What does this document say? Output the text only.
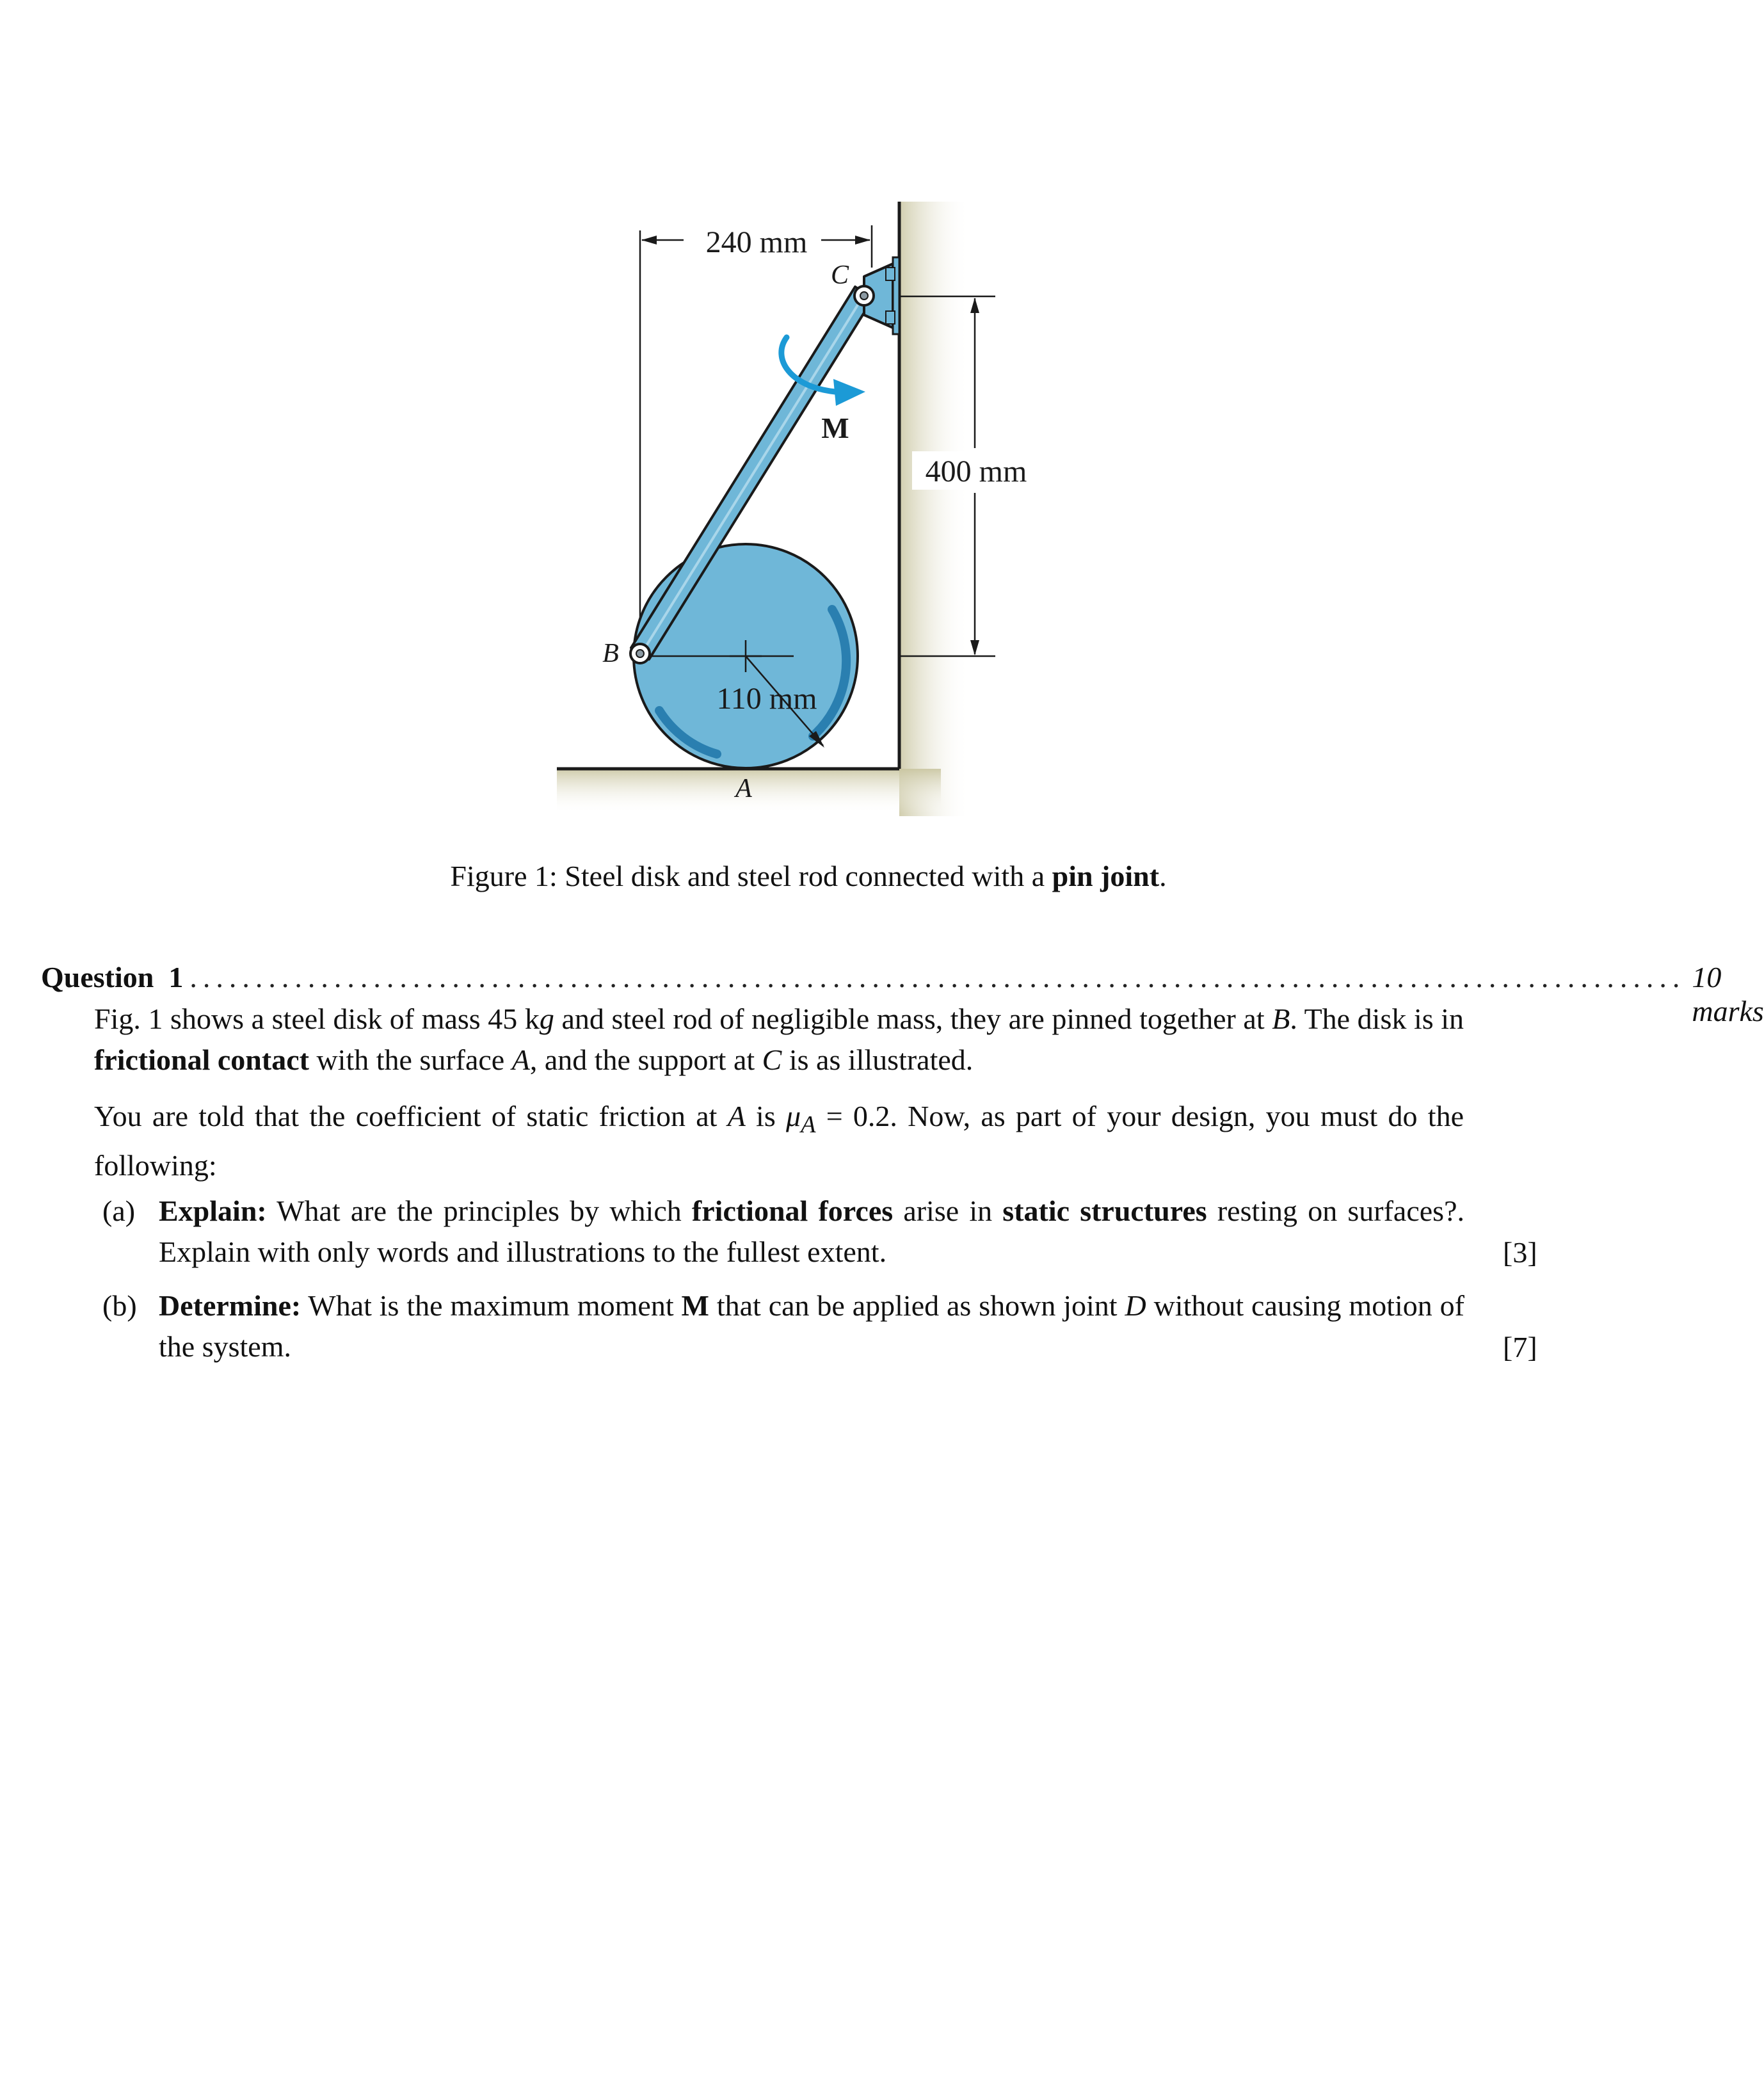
240 mm
400 mm
110 mm
M
C
B
A
Figure 1: Steel disk and steel rod connected with a pin joint.
Question  1 .................................................................................................................. 10 marks
Fig. 1 shows a steel disk of mass 45 kg and steel rod of negligible mass, they are pinned together at B. The disk is in frictional contact with the surface A, and the support at C is as illustrated.
You are told that the coefficient of static friction at A is $\mu_A = 0.2$. Now, as part of your design, you must do the following:
(a) Explain: What are the principles by which frictional forces arise in static structures resting on surfaces?. Explain with only words and illustrations to the fullest extent.	[3]
(b) Determine: What is the maximum moment M that can be applied as shown joint D without causing motion of the system.	[7]
